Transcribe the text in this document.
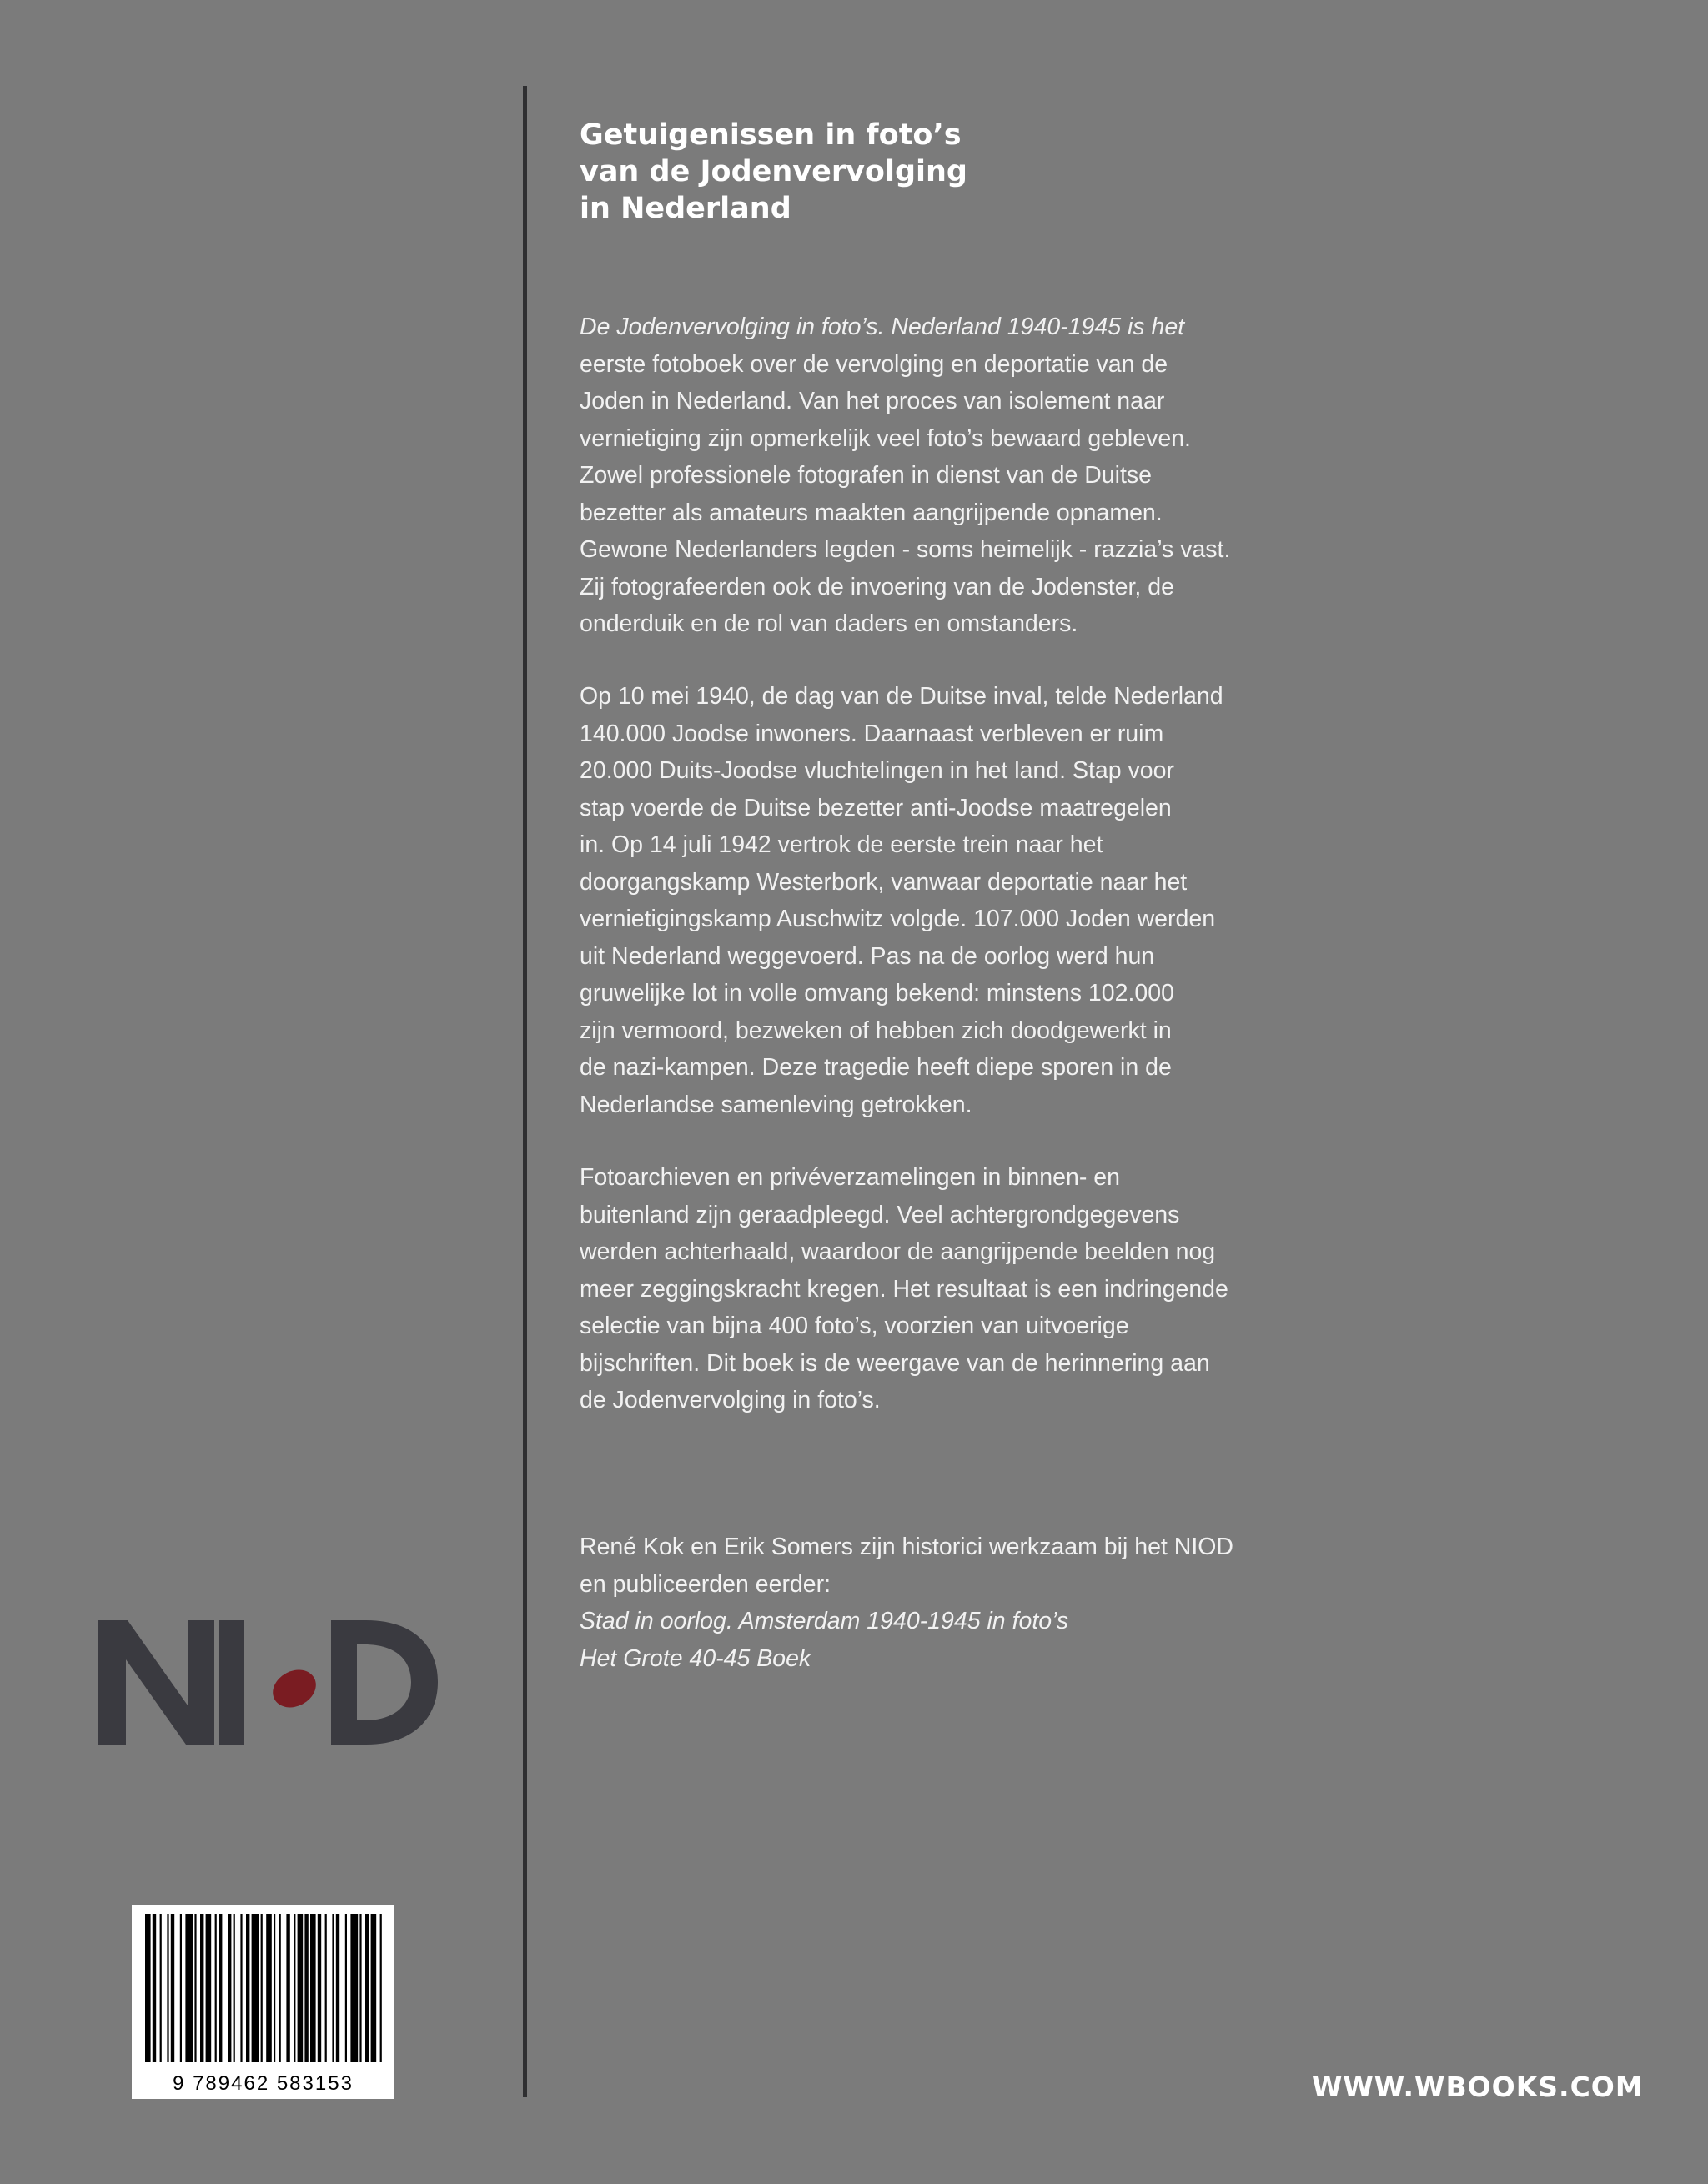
Getuigenissen in foto’s
van de Jodenvervolging
in Nederland

De Jodenvervolging in foto’s. Nederland 1940-1945 is het
eerste fotoboek over de vervolging en deportatie van de
Joden in Nederland. Van het proces van isolement naar
vernietiging zijn opmerkelijk veel foto’s bewaard gebleven.
Zowel professionele fotografen in dienst van de Duitse
bezetter als amateurs maakten aangrijpende opnamen.
Gewone Nederlanders legden - soms heimelijk - razzia’s vast.
Zij fotografeerden ook de invoering van de Jodenster, de
onderduik en de rol van daders en omstanders.

Op 10 mei 1940, de dag van de Duitse inval, telde Nederland
140.000 Joodse inwoners. Daarnaast verbleven er ruim
20.000 Duits-Joodse vluchtelingen in het land. Stap voor
stap voerde de Duitse bezetter anti-Joodse maatregelen
in. Op 14 juli 1942 vertrok de eerste trein naar het
doorgangskamp Westerbork, vanwaar deportatie naar het
vernietigingskamp Auschwitz volgde. 107.000 Joden werden
uit Nederland weggevoerd. Pas na de oorlog werd hun
gruwelijke lot in volle omvang bekend: minstens 102.000
zijn vermoord, bezweken of hebben zich doodgewerkt in
de nazi-kampen. Deze tragedie heeft diepe sporen in de
Nederlandse samenleving getrokken.

Fotoarchieven en privéverzamelingen in binnen- en
buitenland zijn geraadpleegd. Veel achtergrondgegevens
werden achterhaald, waardoor de aangrijpende beelden nog
meer zeggingskracht kregen. Het resultaat is een indringende
selectie van bijna 400 foto’s, voorzien van uitvoerige
bijschriften. Dit boek is de weergave van de herinnering aan
de Jodenvervolging in foto’s.

René Kok en Erik Somers zijn historici werkzaam bij het NIOD
en publiceerden eerder:
Stad in oorlog. Amsterdam 1940-1945 in foto’s
Het Grote 40-45 Boek

9 789462 583153	WWW.WBOOKS.COM
